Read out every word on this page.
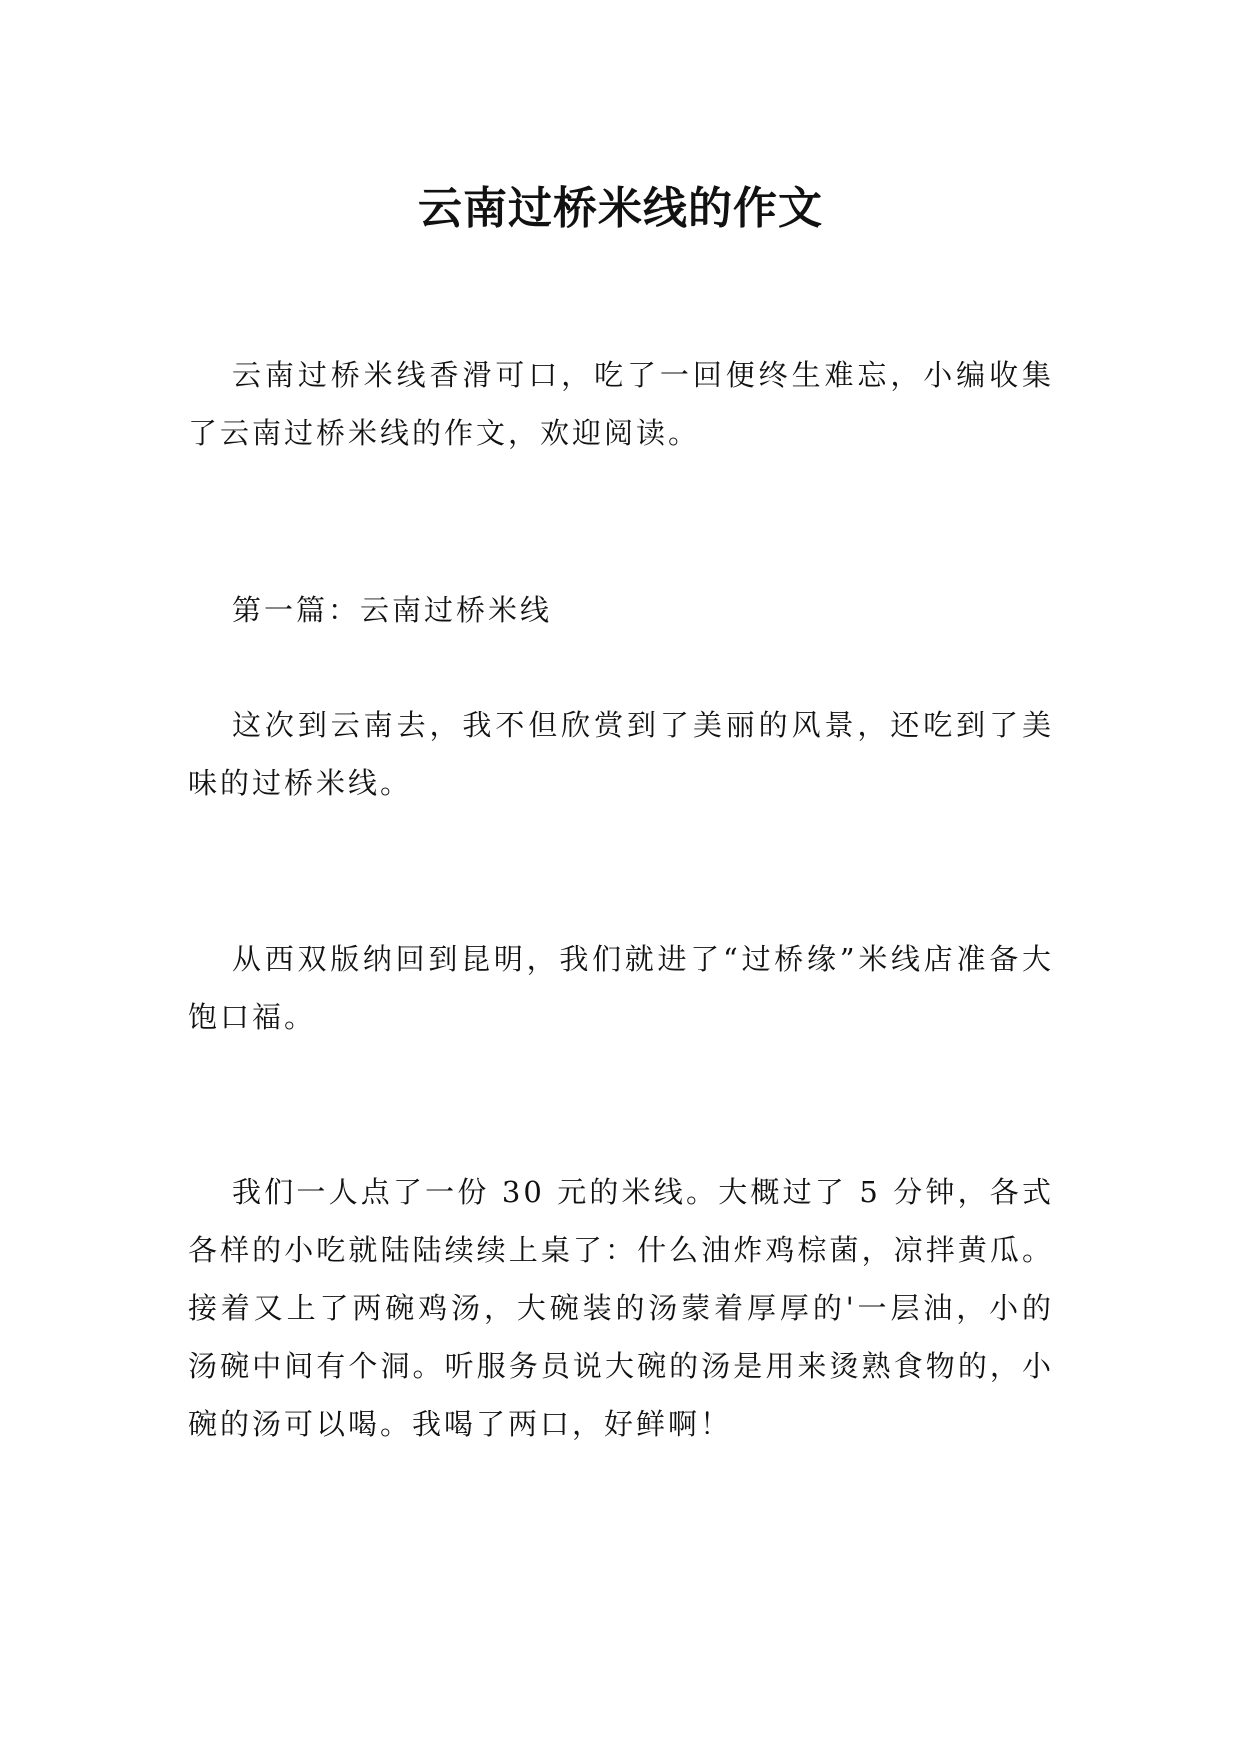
云南过桥米线的作文

云南过桥米线香滑可口，吃了一回便终生难忘，小编收集了云南过桥米线的作文，欢迎阅读。

第一篇：云南过桥米线

这次到云南去，我不但欣赏到了美丽的风景，还吃到了美味的过桥米线。

从西双版纳回到昆明，我们就进了“过桥缘”米线店准备大饱口福。

我们一人点了一份 30 元的米线。大概过了 5 分钟，各式各样的小吃就陆陆续续上桌了：什么油炸鸡棕菌，凉拌黄瓜。接着又上了两碗鸡汤，大碗装的汤蒙着厚厚的'一层油，小的汤碗中间有个洞。听服务员说大碗的汤是用来烫熟食物的，小碗的汤可以喝。我喝了两口，好鲜啊！
